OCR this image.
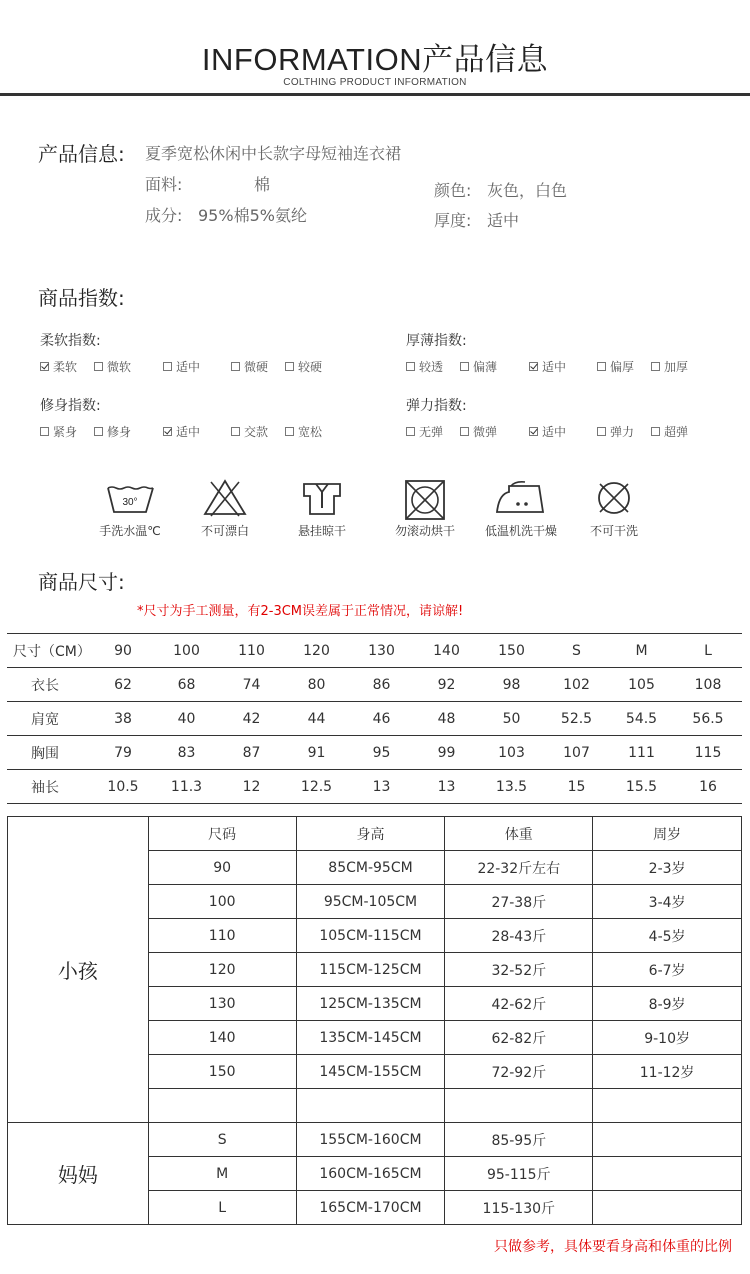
INFORMATION产品信息
COLTHING PRODUCT INFORMATION
产品信息: 夏季宽松休闲中长款字母短袖连衣裙
面料:	棉
成分: 95%棉5%氨纶
颜色: 灰色，白色
厚度: 适中
商品指数:
柔软指数:
柔软 微软	适中	微硬 较硬
厚薄指数:
较透 偏薄	适中	偏厚 加厚
修身指数:
紧身 修身	适中	交款 宽松
弹力指数:
无弹 微弹	适中	弹力 超弹
30°
手洗水温℃	不可漂白	悬挂晾干	勿滚动烘干	低温机洗干燥	不可干洗
商品尺寸:
*尺寸为手工测量，有2-3CM误差属于正常情况，请谅解!
尺寸（CM）	90	100	110	120	130	140	150	S	M	L
衣长	62	68	74	80	86	92	98	102	105	108
肩宽	38	40	42	44	46	48	50	52.5	54.5	56.5
胸围	79	83	87	91	95	99	103	107	111	115
袖长	10.5	11.3	12	12.5	13	13	13.5	15	15.5	16
小孩	尺码	身高	体重	周岁
	90	85CM-95CM	22-32斤左右	2-3岁
	100	95CM-105CM	27-38斤	3-4岁
	110	105CM-115CM	28-43斤	4-5岁
	120	115CM-125CM	32-52斤	6-7岁
	130	125CM-135CM	42-62斤	8-9岁
	140	135CM-145CM	62-82斤	9-10岁
	150	145CM-155CM	72-92斤	11-12岁

妈妈	S	155CM-160CM	85-95斤	
	M	160CM-165CM	95-115斤	
	L	165CM-170CM	115-130斤	
只做参考，具体要看身高和体重的比例
